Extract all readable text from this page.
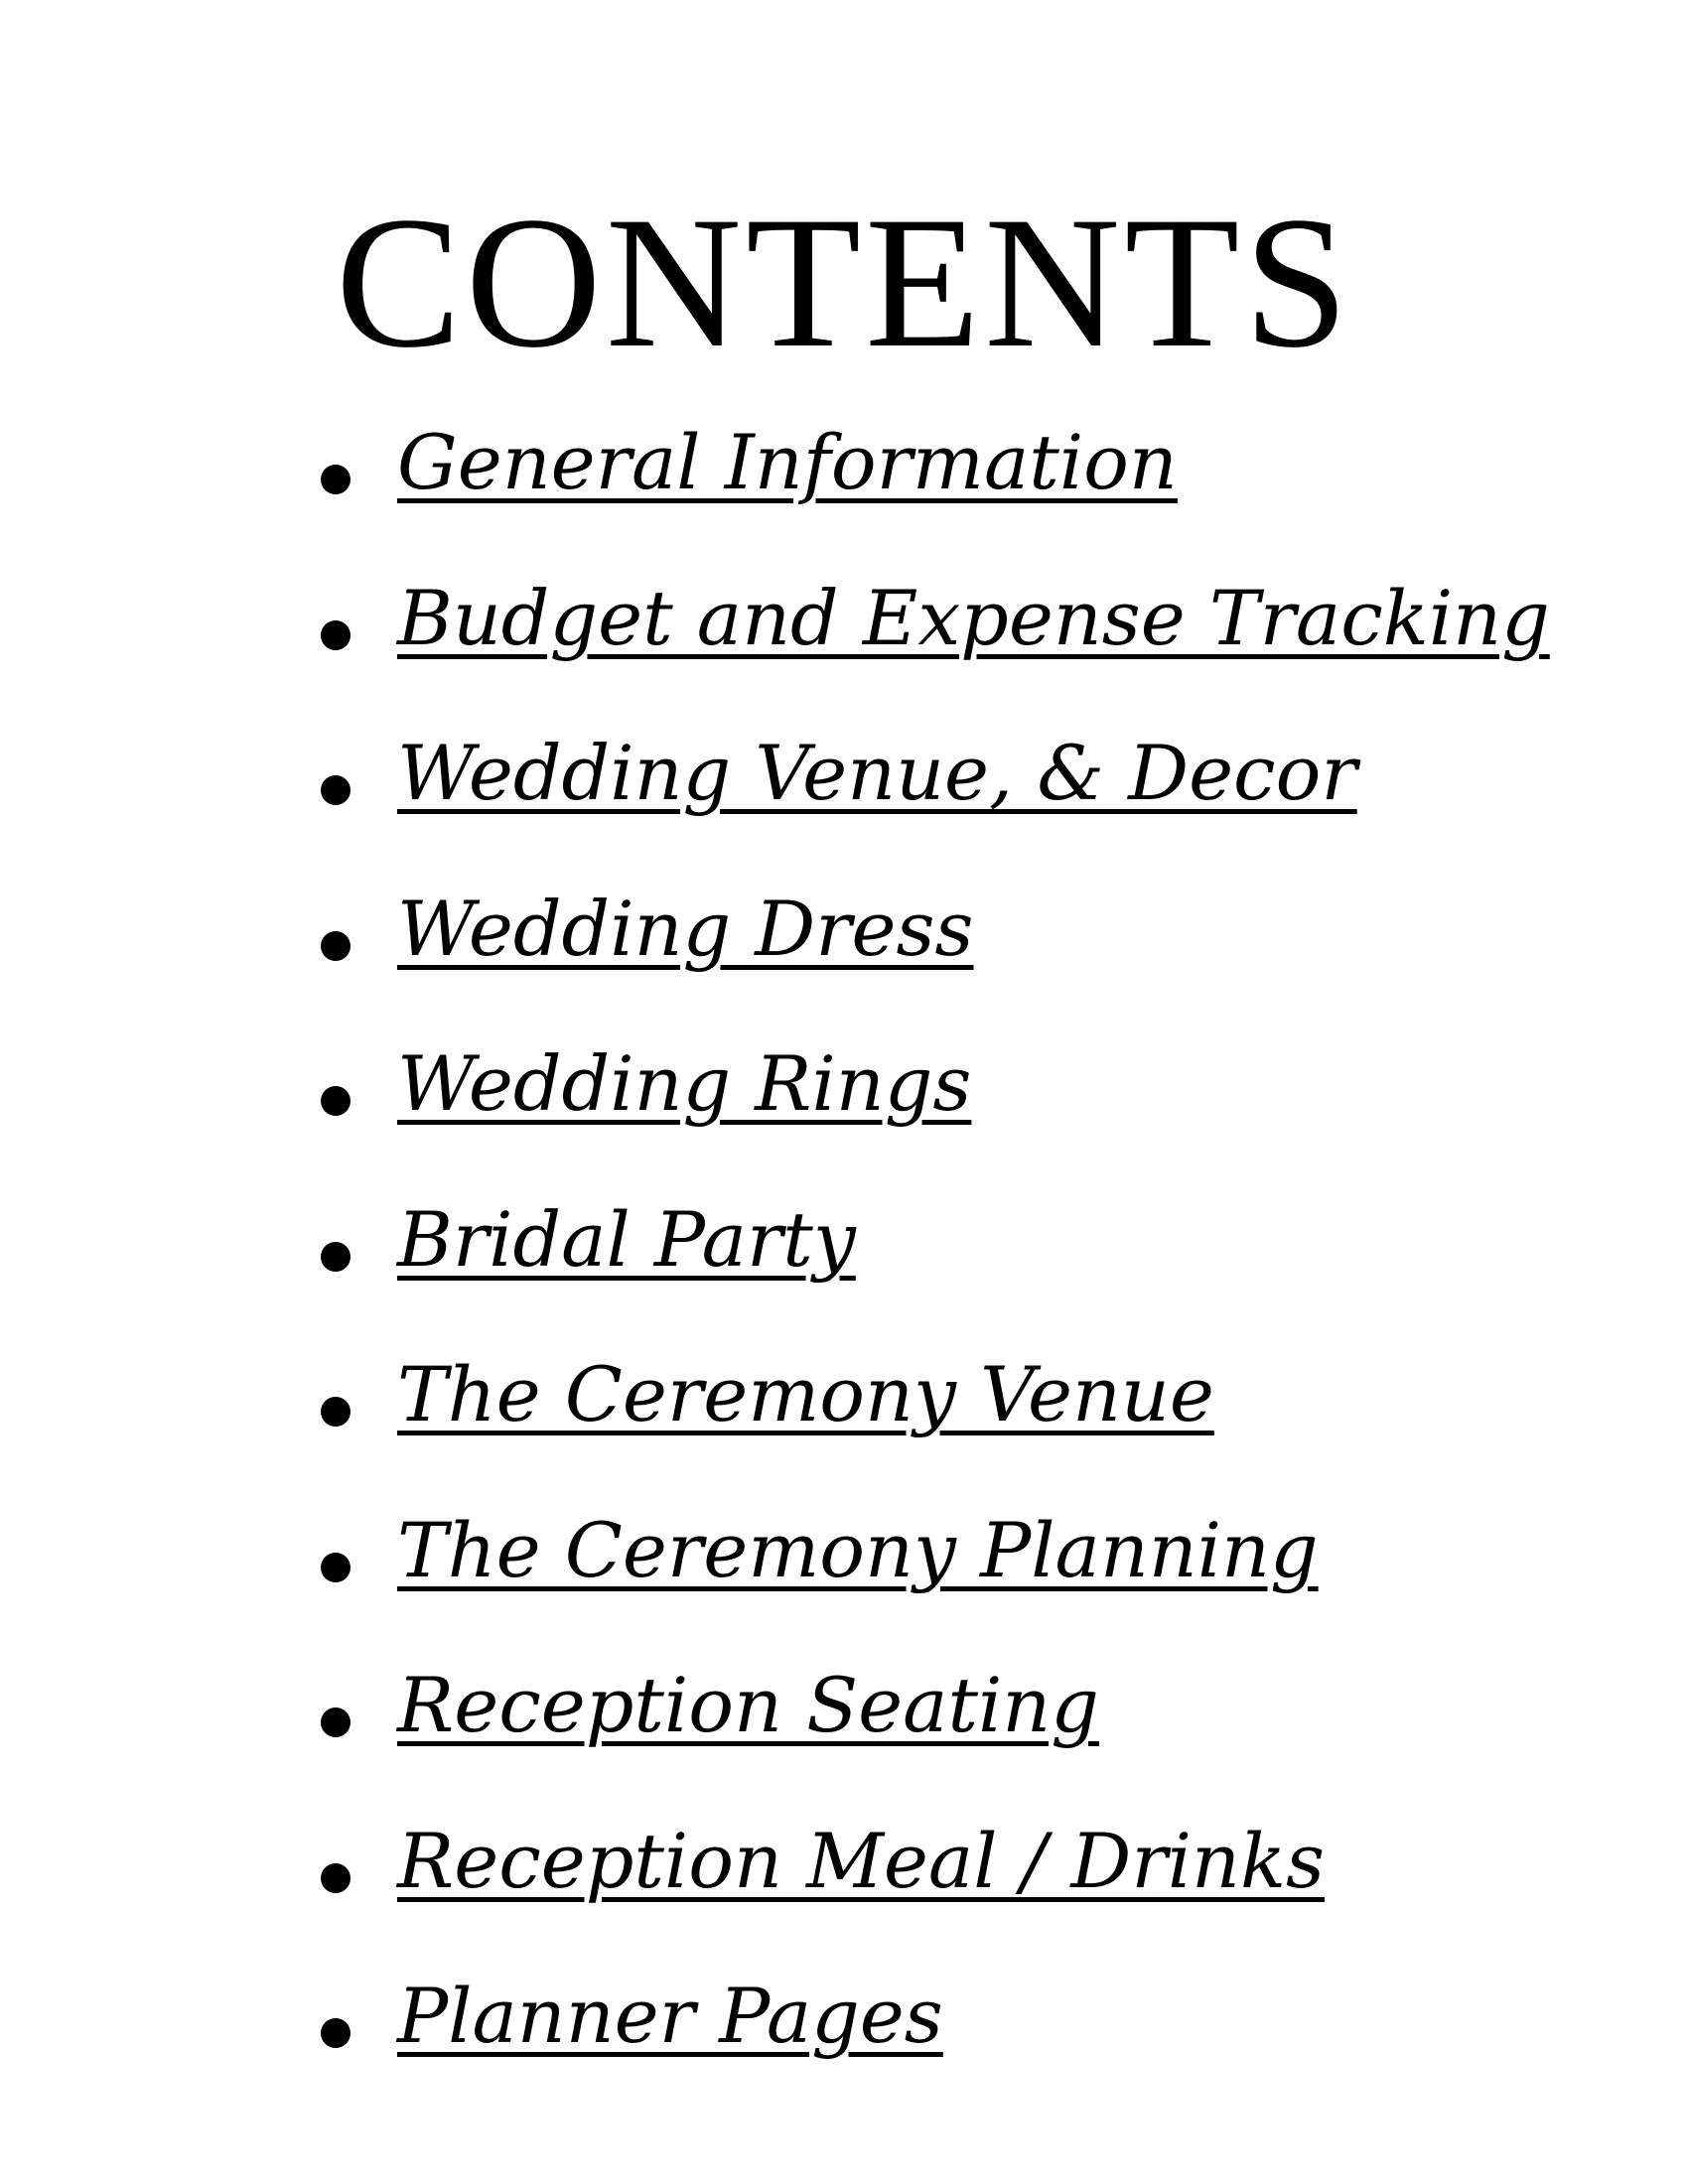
CONTENTS
General Information
Budget and Expense Tracking
Wedding Venue, & Decor
Wedding Dress
Wedding Rings
Bridal Party
The Ceremony Venue
The Ceremony Planning
Reception Seating
Reception Meal / Drinks
Planner Pages
